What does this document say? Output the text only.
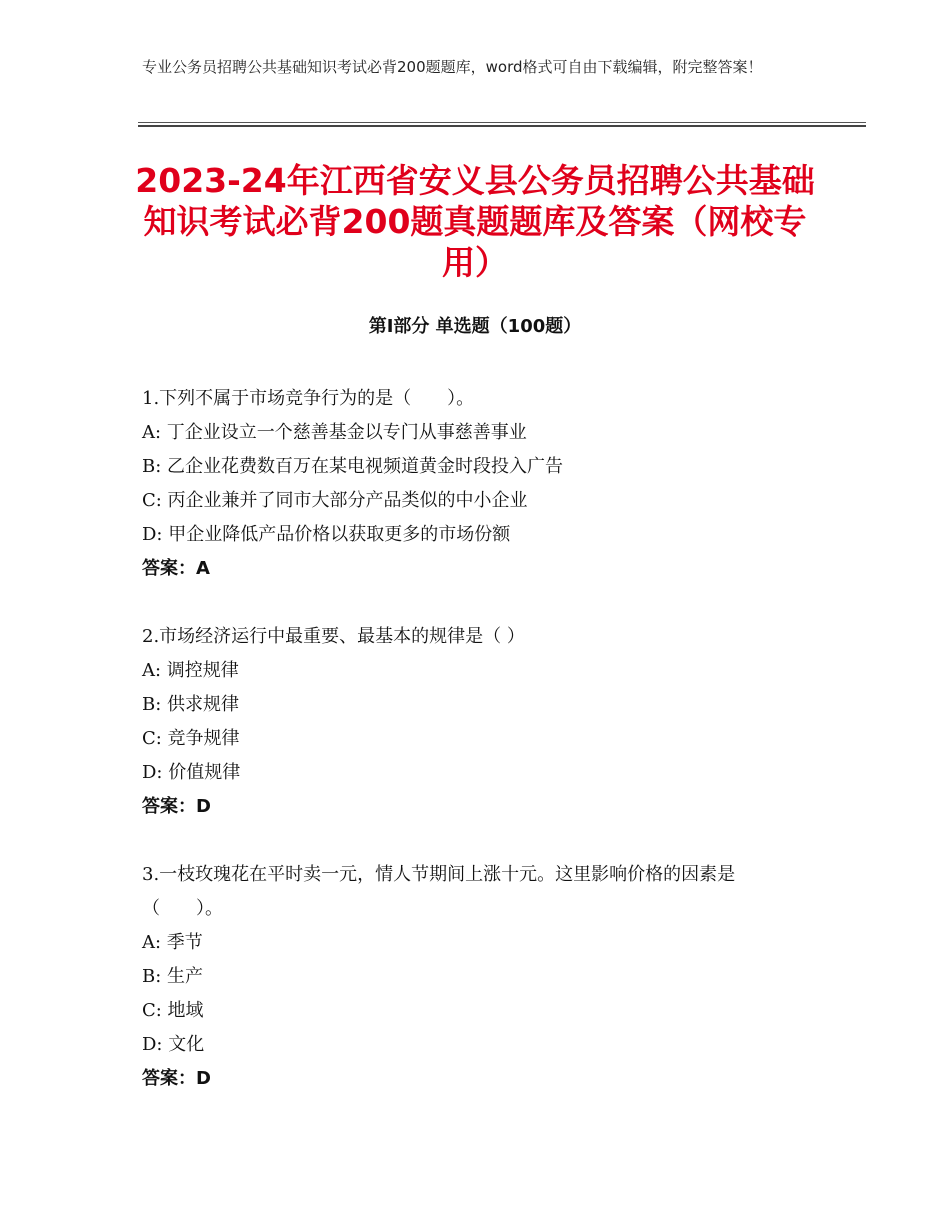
专业公务员招聘公共基础知识考试必背200题题库，word格式可自由下载编辑，附完整答案！
2023-24年江西省安义县公务员招聘公共基础知识考试必背200题真题题库及答案（网校专用）
第Ⅰ部分 单选题（100题）
1.下列不属于市场竞争行为的是（　　）。
A: 丁企业设立一个慈善基金以专门从事慈善事业
B: 乙企业花费数百万在某电视频道黄金时段投入广告
C: 丙企业兼并了同市大部分产品类似的中小企业
D: 甲企业降低产品价格以获取更多的市场份额
答案：A
2.市场经济运行中最重要、最基本的规律是（ ）
A: 调控规律
B: 供求规律
C: 竞争规律
D: 价值规律
答案：D
3.一枝玫瑰花在平时卖一元，情人节期间上涨十元。这里影响价格的因素是（　　）。
A: 季节
B: 生产
C: 地域
D: 文化
答案：D
